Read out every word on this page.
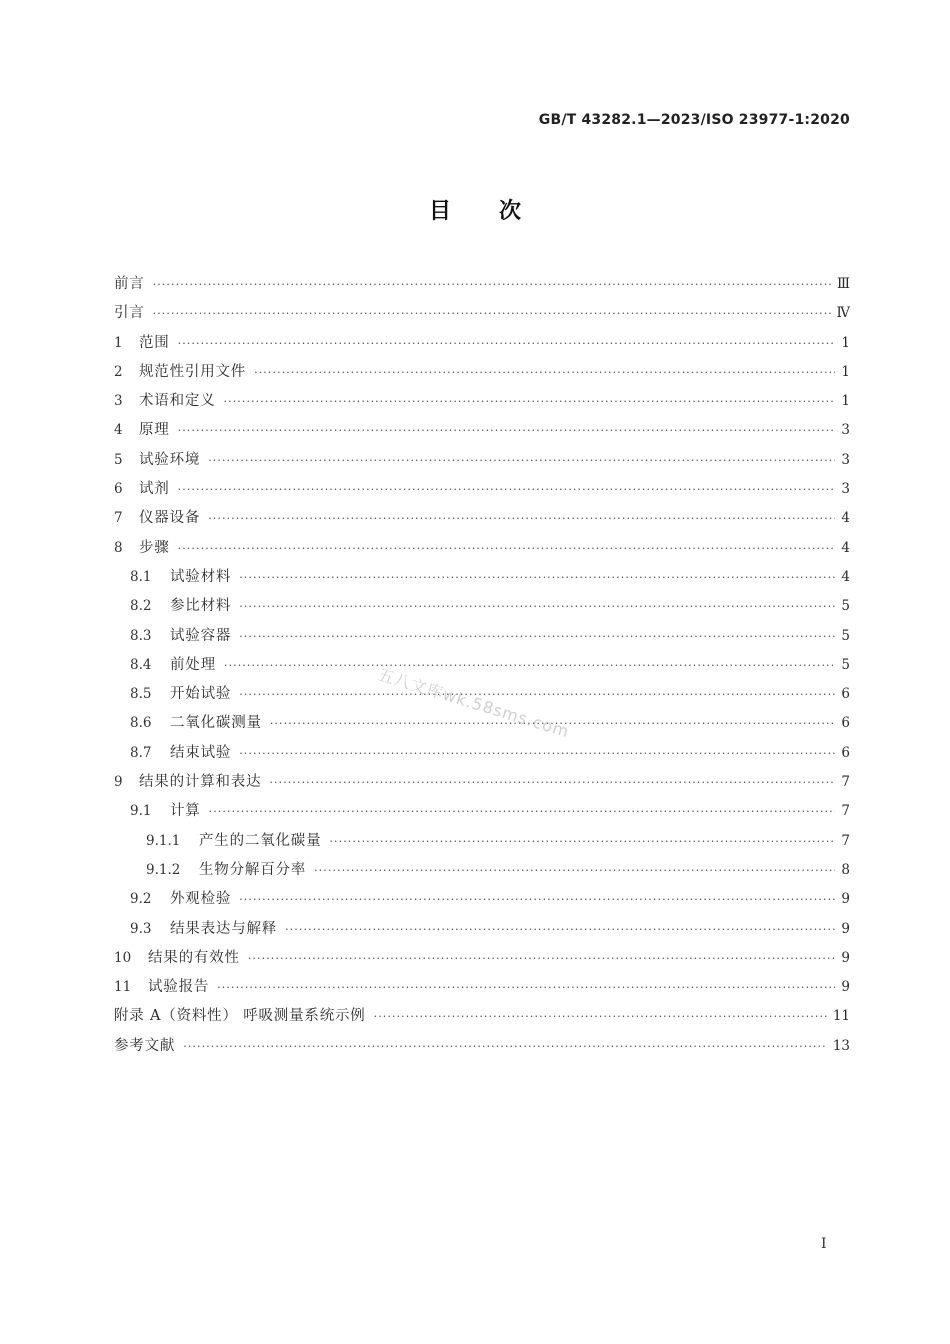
GB/T 43282.1—2023/ISO 23977-1:2020
目次
前言 ·····	Ⅲ
引言 ·····	Ⅳ
1	范围 ·····	1
2	规范性引用文件 ·····	1
3	术语和定义 ·····	1
4	原理 ·····	3
5	试验环境 ·····	3
6	试剂 ·····	3
7	仪器设备 ·····	4
8	步骤 ·····	4
8.1	试验材料 ·····	4
8.2	参比材料 ·····	5
8.3	试验容器 ·····	5
8.4	前处理 ·····	5
8.5	开始试验 ·····	6
8.6	二氧化碳测量 ·····	6
8.7	结束试验 ·····	6
9	结果的计算和表达 ·····	7
9.1	计算 ·····	7
9.1.1	产生的二氧化碳量 ·····	7
9.1.2	生物分解百分率 ·····	8
9.2	外观检验 ·····	9
9.3	结果表达与解释 ·····	9
10	结果的有效性 ·····	9
11	试验报告 ·····	9
附录 A（资料性） 呼吸测量系统示例 ·····	11
参考文献 ·····	13
五八文库wk.58sms.com
I
